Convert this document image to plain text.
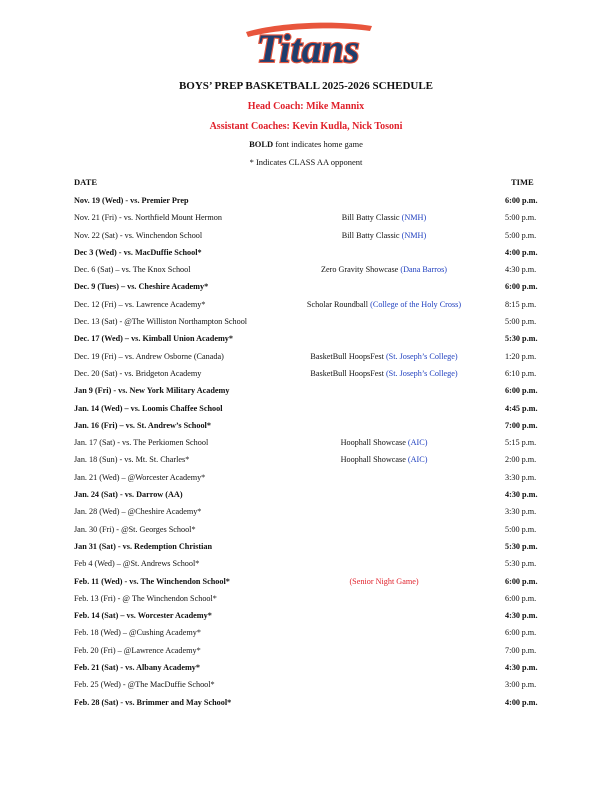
Titans
BOYS’ PREP BASKETBALL 2025-2026 SCHEDULE
Head Coach: Mike Mannix
Assistant Coaches: Kevin Kudla, Nick Tosoni
BOLD font indicates home game
* Indicates CLASS AA opponent
DATE	TIME
Nov. 19 (Wed) - vs. Premier Prep	6:00 p.m.
Nov. 21 (Fri) - vs. Northfield Mount Hermon	Bill Batty Classic (NMH)	5:00 p.m.
Nov. 22 (Sat) - vs. Winchendon School	Bill Batty Classic (NMH)	5:00 p.m.
Dec 3 (Wed) - vs. MacDuffie School*	4:00 p.m.
Dec. 6 (Sat) – vs. The Knox School	Zero Gravity Showcase (Dana Barros)	4:30 p.m.
Dec. 9 (Tues) – vs. Cheshire Academy*	6:00 p.m.
Dec. 12 (Fri) – vs. Lawrence Academy*	Scholar Roundball (College of the Holy Cross)	8:15 p.m.
Dec. 13 (Sat) - @The Williston Northampton School	5:00 p.m.
Dec. 17 (Wed) – vs. Kimball Union Academy*	5:30 p.m.
Dec. 19 (Fri) – vs. Andrew Osborne (Canada)	BasketBull HoopsFest (St. Joseph’s College)	1:20 p.m.
Dec. 20 (Sat) - vs. Bridgeton Academy	BasketBull HoopsFest (St. Joseph’s College)	6:10 p.m.
Jan 9 (Fri) - vs. New York Military Academy	6:00 p.m.
Jan. 14 (Wed) – vs. Loomis Chaffee School	4:45 p.m.
Jan. 16 (Fri) – vs. St. Andrew’s School*	7:00 p.m.
Jan. 17 (Sat) - vs. The Perkiomen School	Hoophall Showcase (AIC)	5:15 p.m.
Jan. 18 (Sun) - vs. Mt. St. Charles*	Hoophall Showcase (AIC)	2:00 p.m.
Jan. 21 (Wed) – @Worcester Academy*	3:30 p.m.
Jan. 24 (Sat) - vs. Darrow (AA)	4:30 p.m.
Jan. 28 (Wed) – @Cheshire Academy*	3:30 p.m.
Jan. 30 (Fri) - @St. Georges School*	5:00 p.m.
Jan 31 (Sat) - vs. Redemption Christian	5:30 p.m.
Feb 4 (Wed) – @St. Andrews School*	5:30 p.m.
Feb. 11 (Wed) - vs. The Winchendon School*	(Senior Night Game)	6:00 p.m.
Feb. 13 (Fri) - @ The Winchendon School*	6:00 p.m.
Feb. 14 (Sat) – vs. Worcester Academy*	4:30 p.m.
Feb. 18 (Wed) – @Cushing Academy*	6:00 p.m.
Feb. 20 (Fri) – @Lawrence Academy*	7:00 p.m.
Feb. 21 (Sat) - vs. Albany Academy*	4:30 p.m.
Feb. 25 (Wed) - @The MacDuffie School*	3:00 p.m.
Feb. 28 (Sat) - vs. Brimmer and May School*	4:00 p.m.
